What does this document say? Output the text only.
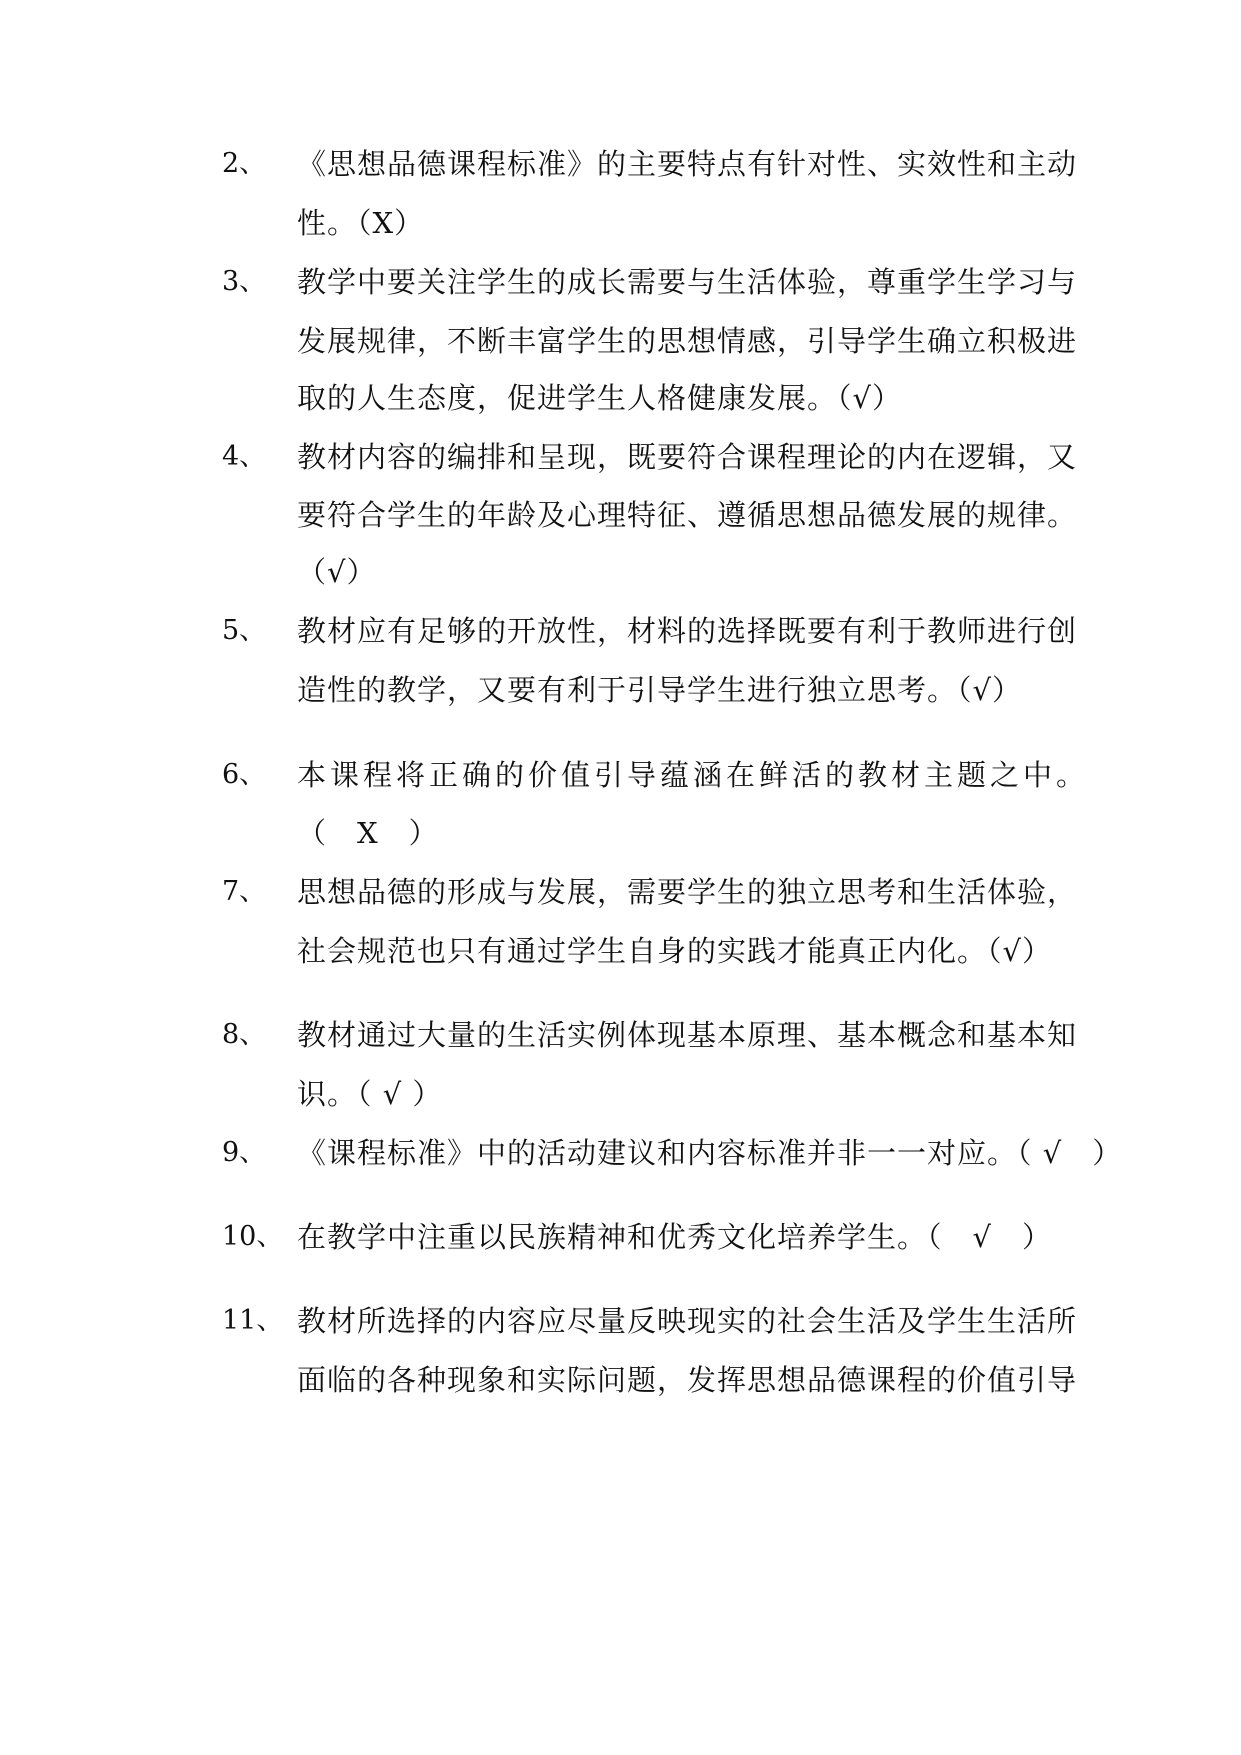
2、 《思想品德课程标准》的主要特点有针对性、实效性和主动
性。（X）
3、 教学中要关注学生的成长需要与生活体验，尊重学生学习与
发展规律，不断丰富学生的思想情感，引导学生确立积极进
取的人生态度，促进学生人格健康发展。（√）
4、 教材内容的编排和呈现，既要符合课程理论的内在逻辑，又
要符合学生的年龄及心理特征、遵循思想品德发展的规律。
（√）
5、 教材应有足够的开放性，材料的选择既要有利于教师进行创
造性的教学，又要有利于引导学生进行独立思考。（√）
6、 本课程将正确的价值引导蕴涵在鲜活的教材主题之中。
（　X　）
7、 思想品德的形成与发展，需要学生的独立思考和生活体验，
社会规范也只有通过学生自身的实践才能真正内化。（√）
8、 教材通过大量的生活实例体现基本原理、基本概念和基本知
识。（ √ ）
9、 《课程标准》中的活动建议和内容标准并非一一对应。（ √　）
10、 在教学中注重以民族精神和优秀文化培养学生。（　√　）
11、 教材所选择的内容应尽量反映现实的社会生活及学生生活所
面临的各种现象和实际问题，发挥思想品德课程的价值引导
